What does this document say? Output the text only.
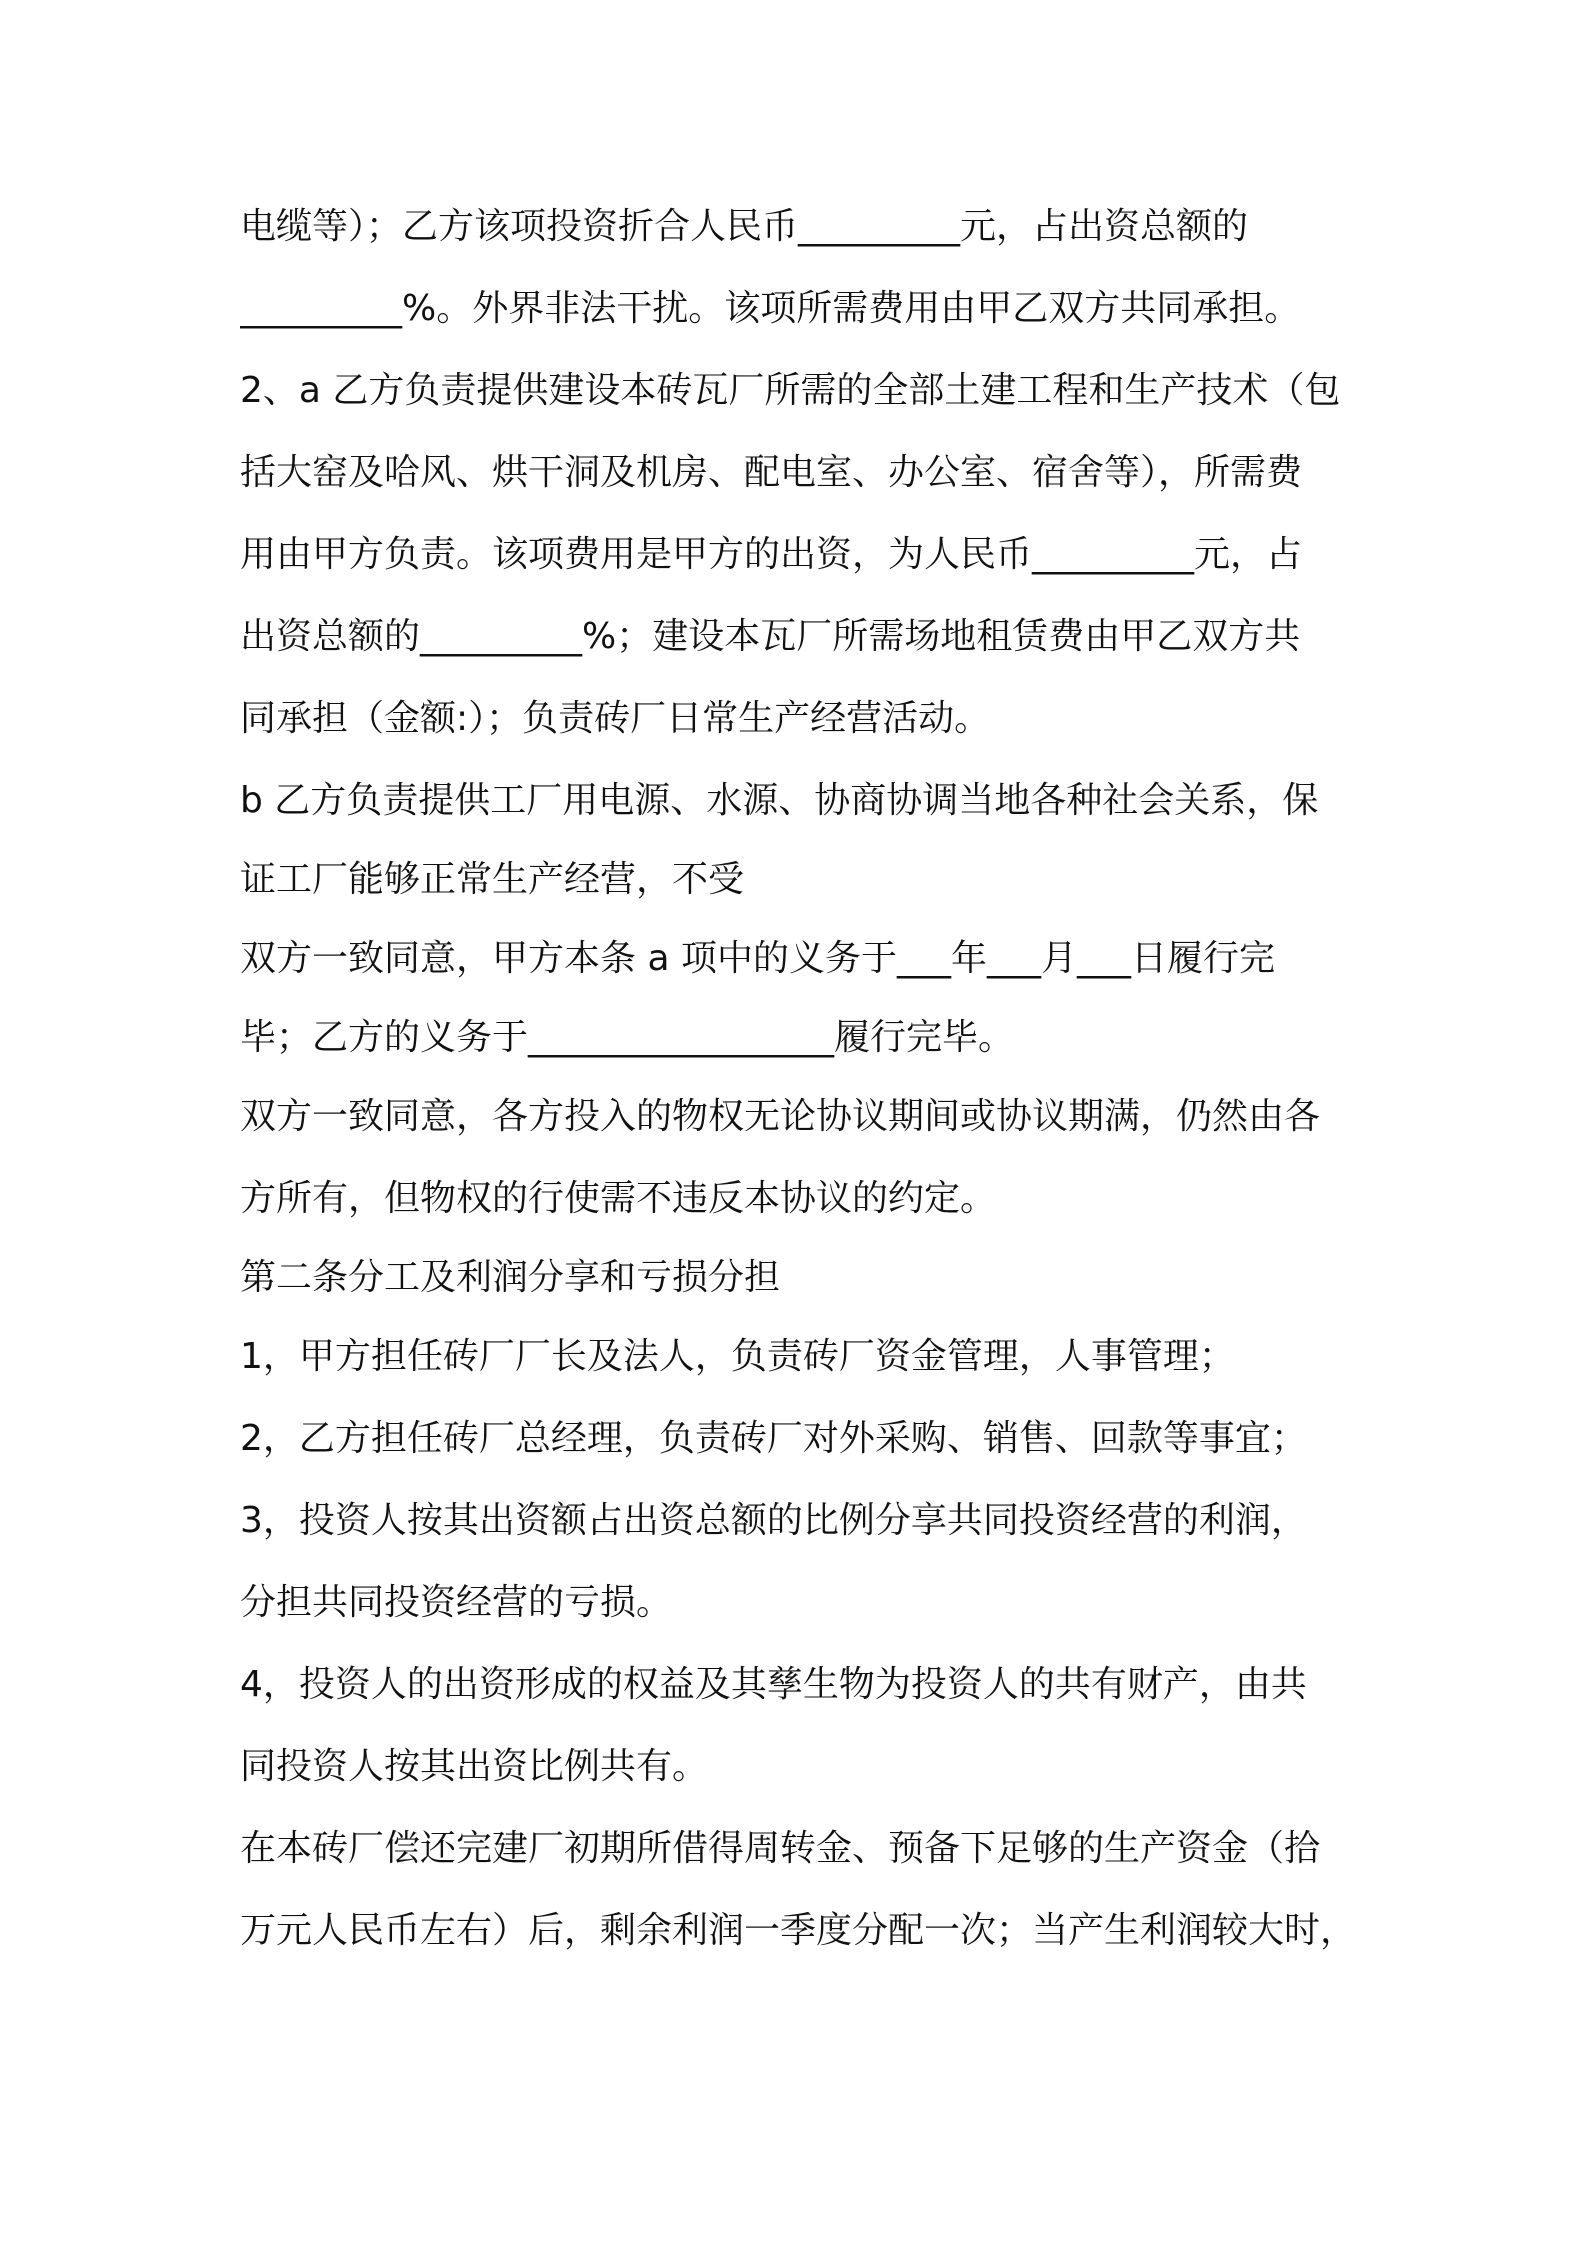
电缆等）；乙方该项投资折合人民币_________元，占出资总额的
_________%。外界非法干扰。该项所需费用由甲乙双方共同承担。
2、a 乙方负责提供建设本砖瓦厂所需的全部土建工程和生产技术（包
括大窑及哈风、烘干洞及机房、配电室、办公室、宿舍等），所需费
用由甲方负责。该项费用是甲方的出资，为人民币_________元，占
出资总额的_________%；建设本瓦厂所需场地租赁费由甲乙双方共
同承担（金额:）；负责砖厂日常生产经营活动。
b 乙方负责提供工厂用电源、水源、协商协调当地各种社会关系，保
证工厂能够正常生产经营，不受
双方一致同意，甲方本条 a 项中的义务于___年___月___日履行完
毕；乙方的义务于_________________履行完毕。
双方一致同意，各方投入的物权无论协议期间或协议期满，仍然由各
方所有，但物权的行使需不违反本协议的约定。
第二条分工及利润分享和亏损分担
1，甲方担任砖厂厂长及法人，负责砖厂资金管理，人事管理；
2，乙方担任砖厂总经理，负责砖厂对外采购、销售、回款等事宜；
3，投资人按其出资额占出资总额的比例分享共同投资经营的利润，
分担共同投资经营的亏损。
4，投资人的出资形成的权益及其孳生物为投资人的共有财产，由共
同投资人按其出资比例共有。
在本砖厂偿还完建厂初期所借得周转金、预备下足够的生产资金（拾
万元人民币左右）后，剩余利润一季度分配一次；当产生利润较大时，
